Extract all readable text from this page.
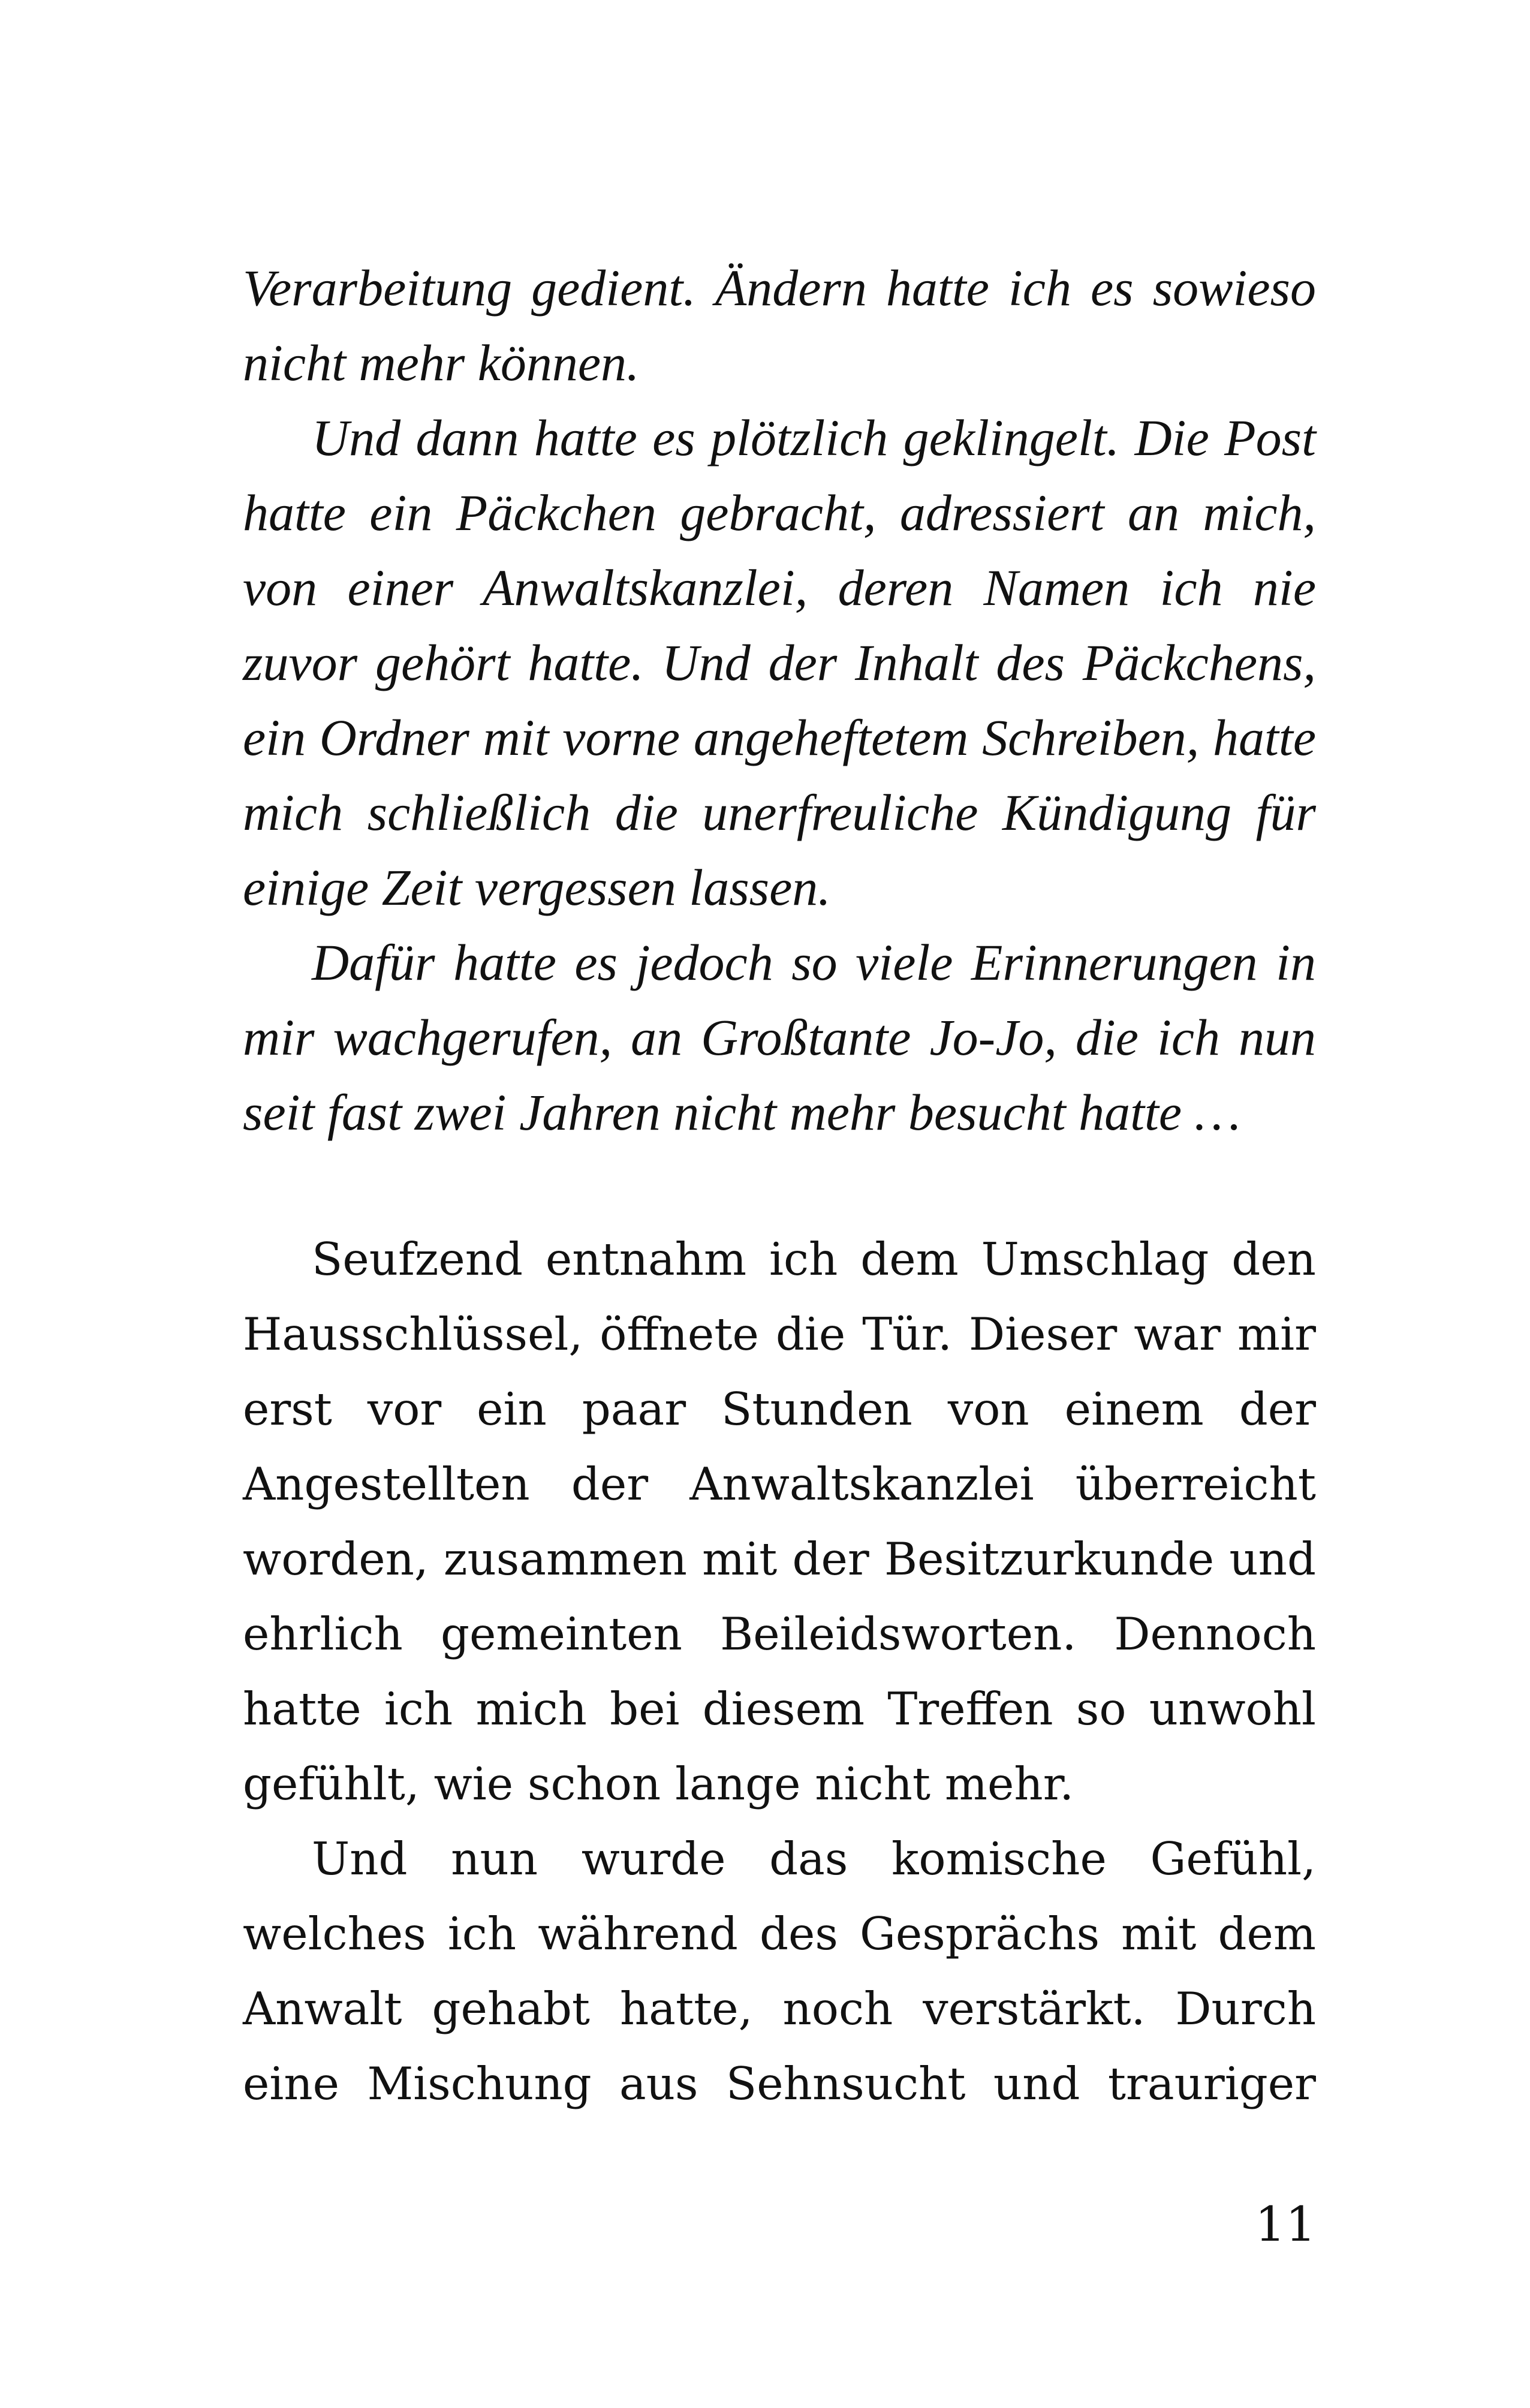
Verarbeitung gedient. Ändern hatte ich es sowieso nicht mehr können.

Und dann hatte es plötzlich geklingelt. Die Post hatte ein Päckchen gebracht, adressiert an mich, von einer Anwaltskanzlei, deren Namen ich nie zuvor gehört hatte. Und der Inhalt des Päckchens, ein Ordner mit vorne angeheftetem Schreiben, hatte mich schließlich die unerfreuliche Kündigung für einige Zeit vergessen lassen.

Dafür hatte es jedoch so viele Erinnerungen in mir wachgerufen, an Großtante Jo-Jo, die ich nun seit fast zwei Jahren nicht mehr besucht hatte …

Seufzend entnahm ich dem Umschlag den Hausschlüssel, öffnete die Tür. Dieser war mir erst vor ein paar Stunden von einem der Angestellten der Anwaltskanzlei überreicht worden, zusammen mit der Besitzurkunde und ehrlich gemeinten Beileidsworten. Dennoch hatte ich mich bei diesem Treffen so unwohl gefühlt, wie schon lange nicht mehr.

Und nun wurde das komische Gefühl, welches ich während des Gesprächs mit dem Anwalt gehabt hatte, noch verstärkt. Durch eine Mischung aus Sehnsucht und trauriger

11
